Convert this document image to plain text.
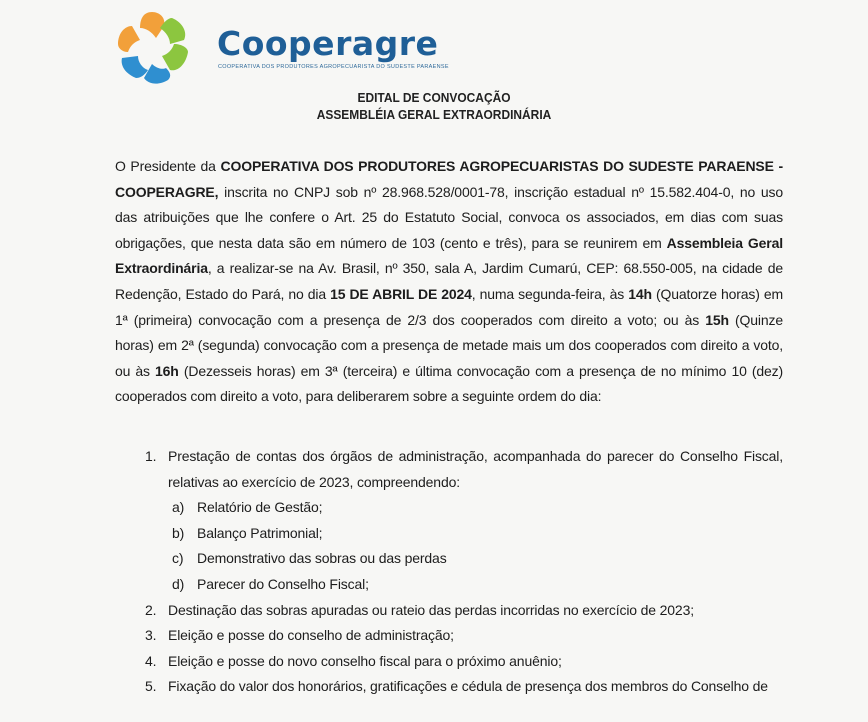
Cooperagre
COOPERATIVA DOS PRODUTORES AGROPECUARISTA DO SUDESTE PARAENSE
EDITAL DE CONVOCAÇÃO
ASSEMBLÉIA GERAL EXTRAORDINÁRIA

O Presidente da COOPERATIVA DOS PRODUTORES AGROPECUARISTAS DO SUDESTE PARAENSE - COOPERAGRE, inscrita no CNPJ sob nº 28.968.528/0001-78, inscrição estadual nº 15.582.404-0, no uso das atribuições que lhe confere o Art. 25 do Estatuto Social, convoca os associados, em dias com suas obrigações, que nesta data são em número de 103 (cento e três), para se reunirem em Assembleia Geral Extraordinária, a realizar-se na Av. Brasil, nº 350, sala A, Jardim Cumarú, CEP: 68.550-005, na cidade de Redenção, Estado do Pará, no dia 15 DE ABRIL DE 2024, numa segunda-feira, às 14h (Quatorze horas) em 1ª (primeira) convocação com a presença de 2/3 dos cooperados com direito a voto; ou às 15h (Quinze horas) em 2ª (segunda) convocação com a presença de metade mais um dos cooperados com direito a voto, ou às 16h (Dezesseis horas) em 3ª (terceira) e última convocação com a presença de no mínimo 10 (dez) cooperados com direito a voto, para deliberarem sobre a seguinte ordem do dia:

1. Prestação de contas dos órgãos de administração, acompanhada do parecer do Conselho Fiscal, relativas ao exercício de 2023, compreendendo:
a) Relatório de Gestão;
b) Balanço Patrimonial;
c) Demonstrativo das sobras ou das perdas
d) Parecer do Conselho Fiscal;
2. Destinação das sobras apuradas ou rateio das perdas incorridas no exercício de 2023;
3. Eleição e posse do conselho de administração;
4. Eleição e posse do novo conselho fiscal para o próximo anuênio;
5. Fixação do valor dos honorários, gratificações e cédula de presença dos membros do Conselho de
